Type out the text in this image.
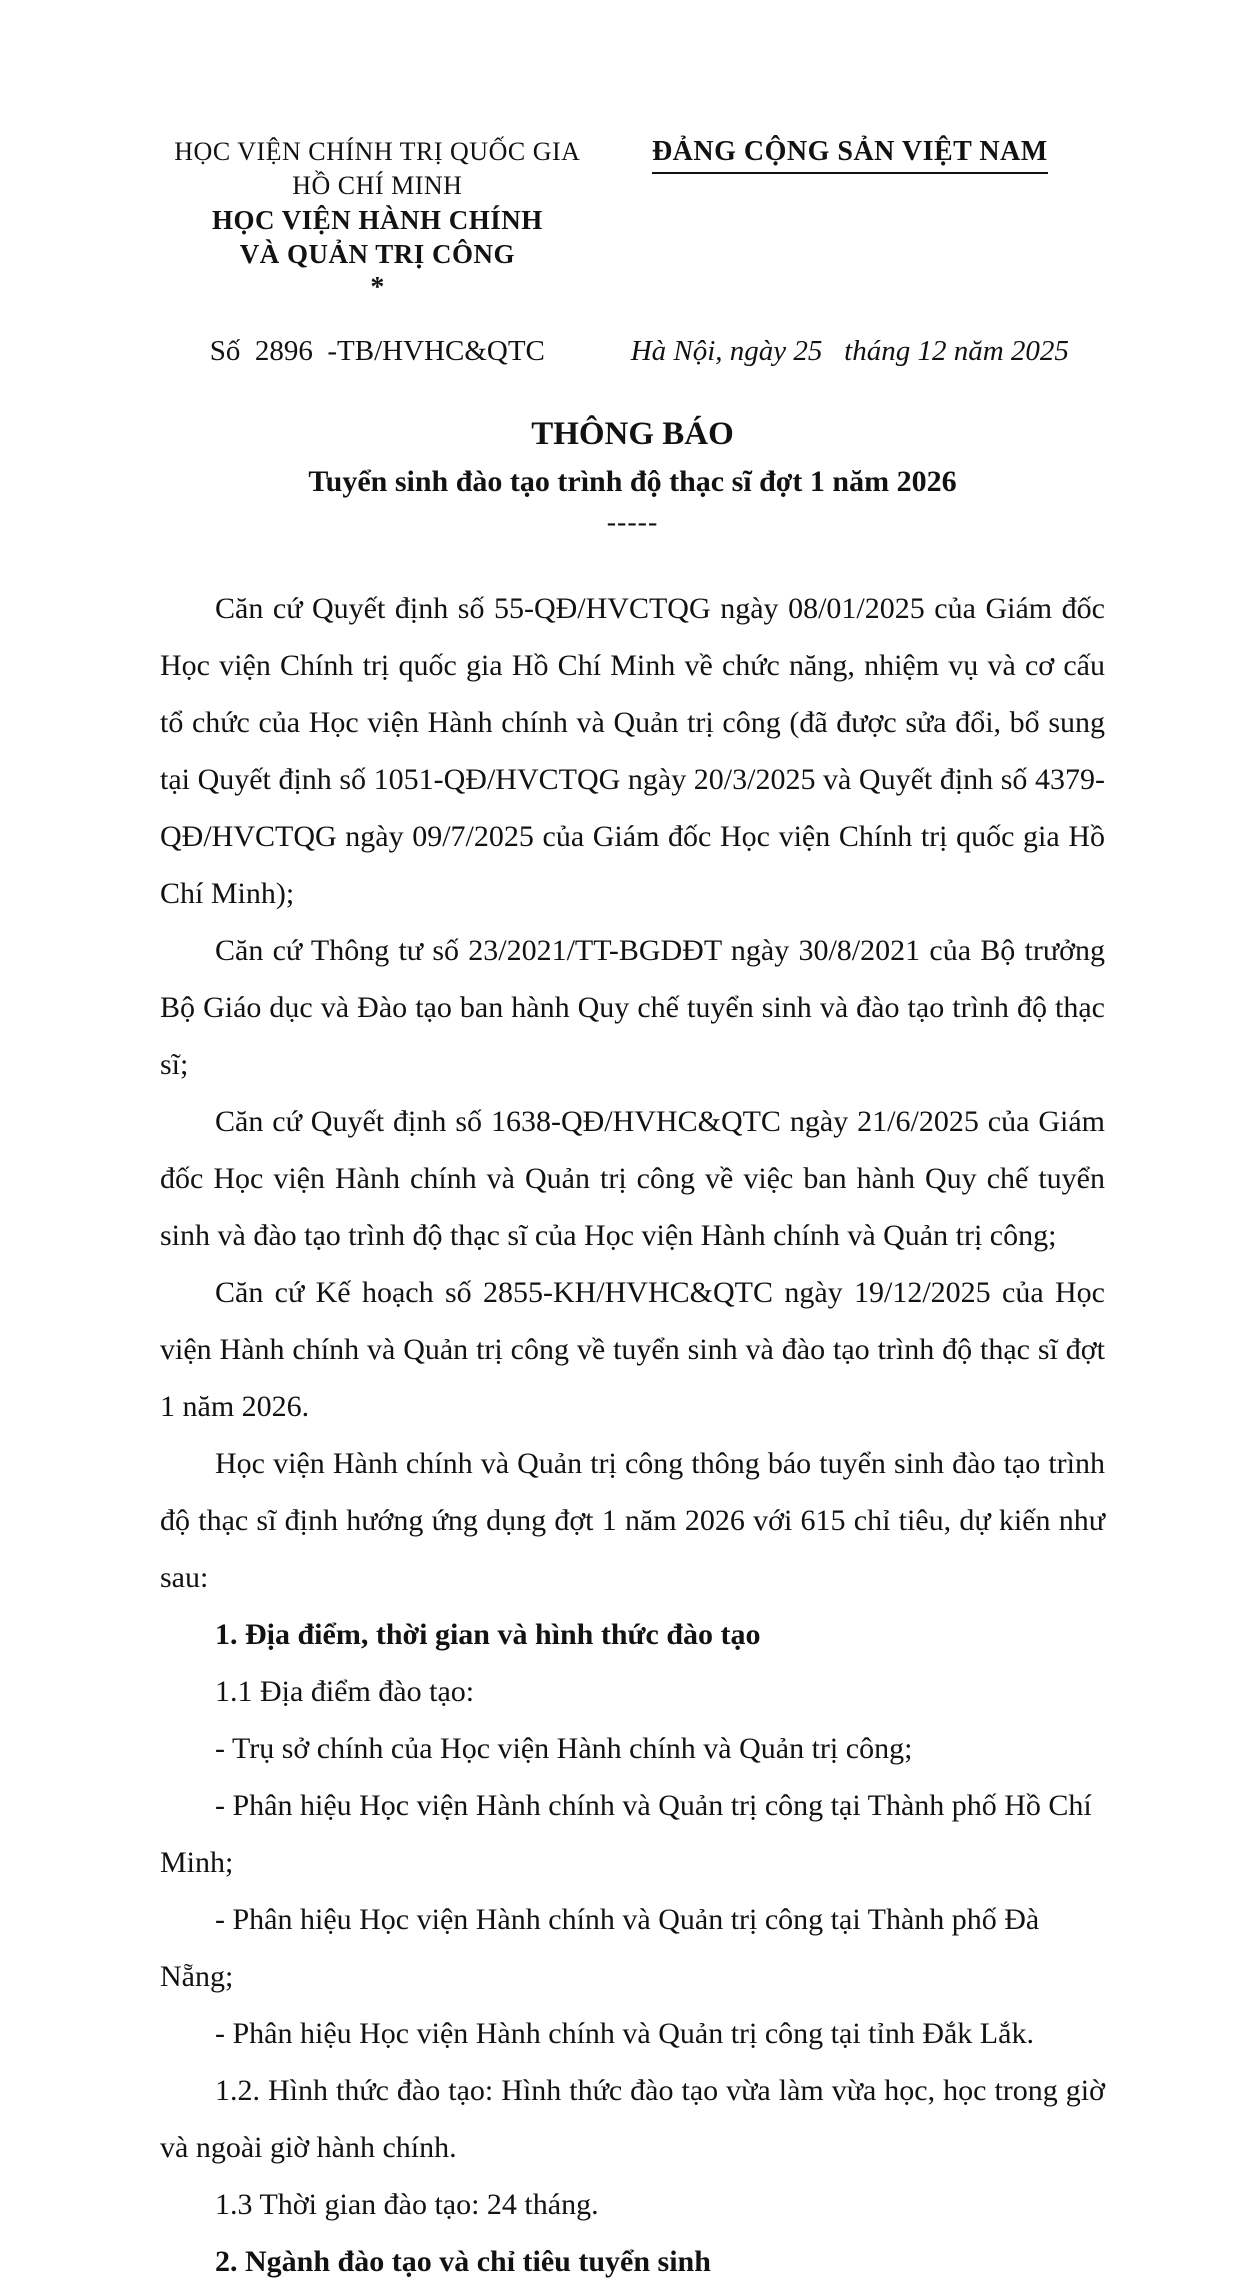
HỌC VIỆN CHÍNH TRỊ QUỐC GIA
HỒ CHÍ MINH
HỌC VIỆN HÀNH CHÍNH
VÀ QUẢN TRỊ CÔNG
*
ĐẢNG CỘNG SẢN VIỆT NAM
Số  2896  -TB/HVHC&QTC	Hà Nội, ngày 25   tháng 12 năm 2025
THÔNG BÁO
Tuyển sinh đào tạo trình độ thạc sĩ đợt 1 năm 2026
-----

Căn cứ Quyết định số 55-QĐ/HVCTQG ngày 08/01/2025 của Giám đốc Học viện Chính trị quốc gia Hồ Chí Minh về chức năng, nhiệm vụ và cơ cấu tổ chức của Học viện Hành chính và Quản trị công (đã được sửa đổi, bổ sung tại Quyết định số 1051-QĐ/HVCTQG ngày 20/3/2025 và Quyết định số 4379-QĐ/HVCTQG ngày 09/7/2025 của Giám đốc Học viện Chính trị quốc gia Hồ Chí Minh);

Căn cứ Thông tư số 23/2021/TT-BGDĐT ngày 30/8/2021 của Bộ trưởng Bộ Giáo dục và Đào tạo ban hành Quy chế tuyển sinh và đào tạo trình độ thạc sĩ;

Căn cứ Quyết định số 1638-QĐ/HVHC&QTC ngày 21/6/2025 của Giám đốc Học viện Hành chính và Quản trị công về việc ban hành Quy chế tuyển sinh và đào tạo trình độ thạc sĩ của Học viện Hành chính và Quản trị công;

Căn cứ Kế hoạch số 2855-KH/HVHC&QTC ngày 19/12/2025 của Học viện Hành chính và Quản trị công về tuyển sinh và đào tạo trình độ thạc sĩ đợt 1 năm 2026.

Học viện Hành chính và Quản trị công thông báo tuyển sinh đào tạo trình độ thạc sĩ định hướng ứng dụng đợt 1 năm 2026 với 615 chỉ tiêu, dự kiến như sau:

1. Địa điểm, thời gian và hình thức đào tạo

1.1 Địa điểm đào tạo:

- Trụ sở chính của Học viện Hành chính và Quản trị công;

- Phân hiệu Học viện Hành chính và Quản trị công tại Thành phố Hồ Chí Minh;

- Phân hiệu Học viện Hành chính và Quản trị công tại Thành phố Đà Nẵng;

- Phân hiệu Học viện Hành chính và Quản trị công tại tỉnh Đắk Lắk.

1.2. Hình thức đào tạo: Hình thức đào tạo vừa làm vừa học, học trong giờ và ngoài giờ hành chính.

1.3 Thời gian đào tạo: 24 tháng.

2. Ngành đào tạo và chỉ tiêu tuyển sinh
